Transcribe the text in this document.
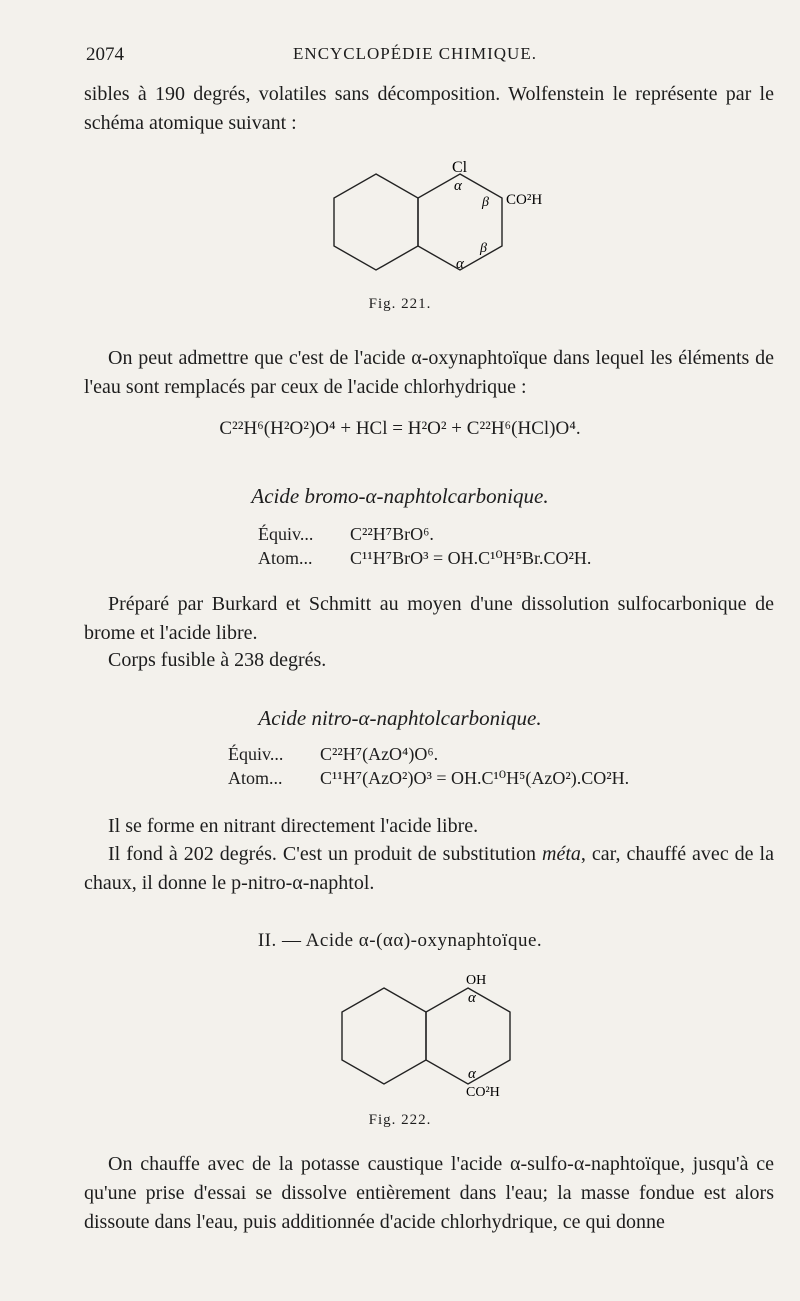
2074	ENCYCLOPÉDIE CHIMIQUE.
sibles à 190 degrés, volatiles sans décomposition. Wolfenstein le représente par le schéma atomique suivant :
Cl
α
β CO²H
β
α
Fig. 221.
On peut admettre que c'est de l'acide α-oxynaphtoïque dans lequel les éléments de l'eau sont remplacés par ceux de l'acide chlorhydrique :
C²²H⁶(H²O²)O⁴ + HCl = H²O² + C²²H⁶(HCl)O⁴.
Acide bromo-α-naphtolcarbonique.
Équiv...	C²²H⁷BrO⁶.
Atom...	C¹¹H⁷BrO³ = OH.C¹⁰H⁵Br.CO²H.
Préparé par Burkard et Schmitt au moyen d'une dissolution sulfocarbonique de brome et l'acide libre.
Corps fusible à 238 degrés.
Acide nitro-α-naphtolcarbonique.
Équiv...	C²²H⁷(AzO⁴)O⁶.
Atom...	C¹¹H⁷(AzO²)O³ = OH.C¹⁰H⁵(AzO²).CO²H.
Il se forme en nitrant directement l'acide libre.
Il fond à 202 degrés. C'est un produit de substitution méta, car, chauffé avec de la chaux, il donne le p-nitro-α-naphtol.
II. — Acide α-(αα)-oxynaphtoïque.
OH
α
α
CO²H
Fig. 222.
On chauffe avec de la potasse caustique l'acide α-sulfo-α-naphtoïque, jusqu'à ce qu'une prise d'essai se dissolve entièrement dans l'eau; la masse fondue est alors dissoute dans l'eau, puis additionnée d'acide chlorhydrique, ce qui donne
